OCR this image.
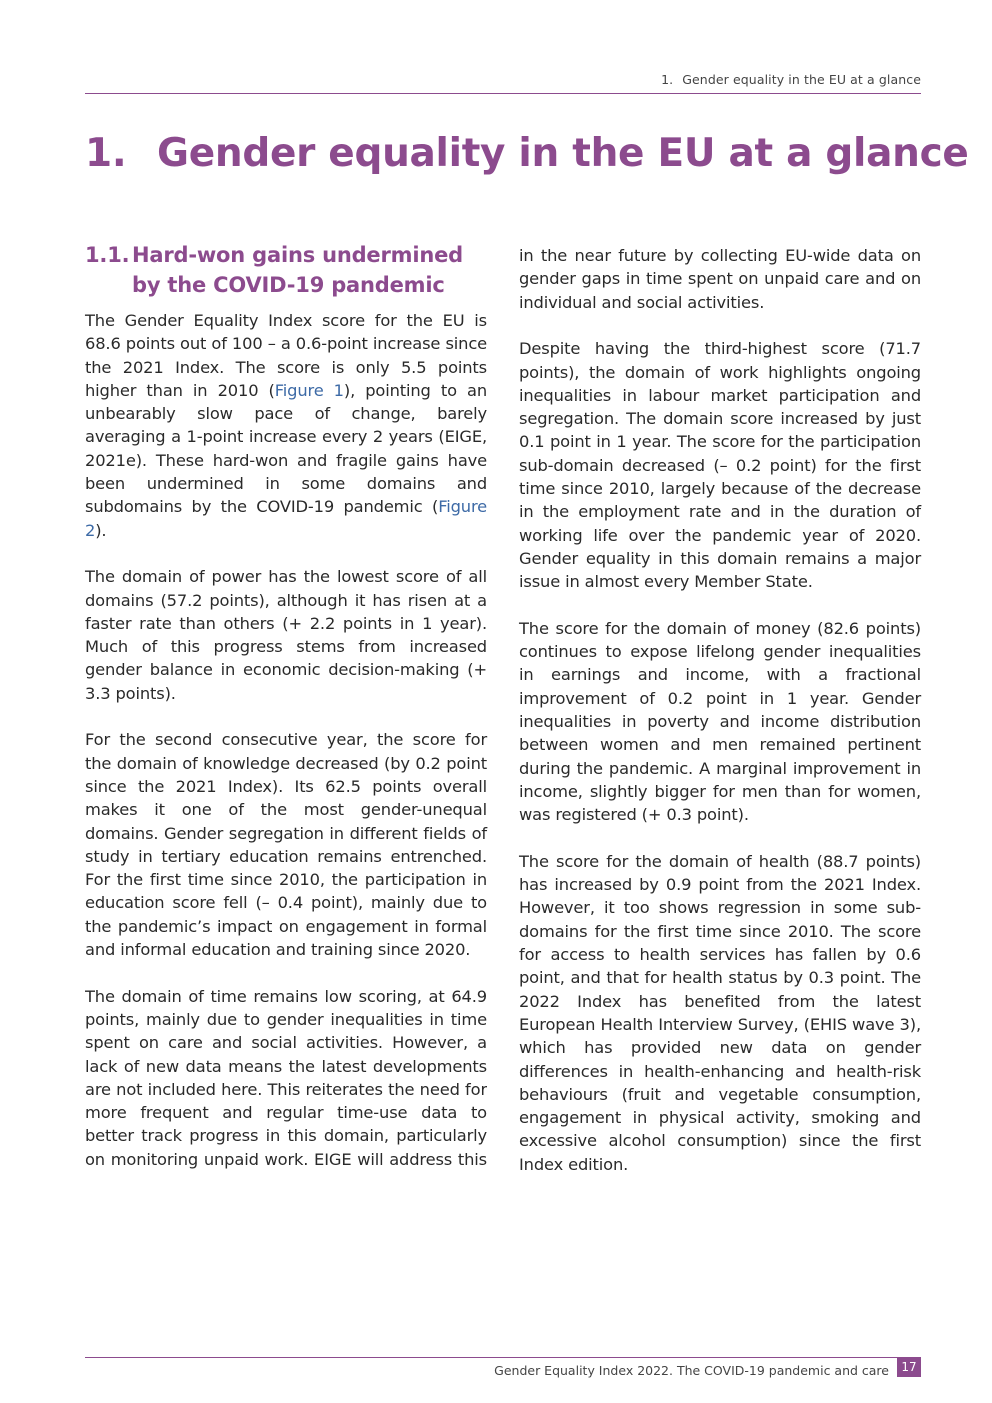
1. Gender equality in the EU at a glance
1. Gender equality in the EU at a glance
1.1. Hard-won gains undermined by the COVID-19 pandemic

The Gender Equality Index score for the EU is 68.6 points out of 100 – a 0.6-point increase since the 2021 Index. The score is only 5.5 points higher than in 2010 (Figure 1), pointing to an unbearably slow pace of change, barely averaging a 1-point increase every 2 years (EIGE, 2021e). These hard-won and fragile gains have been undermined in some domains and subdomains by the COVID-19 pandemic (Figure 2).

The domain of power has the lowest score of all domains (57.2 points), although it has risen at a faster rate than others (+ 2.2 points in 1 year). Much of this progress stems from increased gender balance in economic decision-making (+ 3.3 points).

For the second consecutive year, the score for the domain of knowledge decreased (by 0.2 point since the 2021 Index). Its 62.5 points overall makes it one of the most gender-unequal domains. Gender segregation in different fields of study in tertiary education remains entrenched. For the first time since 2010, the participation in education score fell (– 0.4 point), mainly due to the pandemic’s impact on engagement in formal and informal education and training since 2020.

The domain of time remains low scoring, at 64.9 points, mainly due to gender inequalities in time spent on care and social activities. However, a lack of new data means the latest developments are not included here. This reiterates the need for more frequent and regular time-use data to better track progress in this domain, particularly on monitoring unpaid work. EIGE will address this

in the near future by collecting EU-wide data on gender gaps in time spent on unpaid care and on individual and social activities.

Despite having the third-highest score (71.7 points), the domain of work highlights ongoing inequalities in labour market participation and segregation. The domain score increased by just 0.1 point in 1 year. The score for the participation sub-domain decreased (– 0.2 point) for the first time since 2010, largely because of the decrease in the employment rate and in the duration of working life over the pandemic year of 2020. Gender equality in this domain remains a major issue in almost every Member State.

The score for the domain of money (82.6 points) continues to expose lifelong gender inequalities in earnings and income, with a fractional improvement of 0.2 point in 1 year. Gender inequalities in poverty and income distribution between women and men remained pertinent during the pandemic. A marginal improvement in income, slightly bigger for men than for women, was registered (+ 0.3 point).

The score for the domain of health (88.7 points) has increased by 0.9 point from the 2021 Index. However, it too shows regression in some sub-domains for the first time since 2010. The score for access to health services has fallen by 0.6 point, and that for health status by 0.3 point. The 2022 Index has benefited from the latest European Health Interview Survey, (EHIS wave 3), which has provided new data on gender differences in health-enhancing and health-risk behaviours (fruit and vegetable consumption, engagement in physical activity, smoking and excessive alcohol consumption) since the first Index edition.

Gender Equality Index 2022. The COVID-19 pandemic and care	17
